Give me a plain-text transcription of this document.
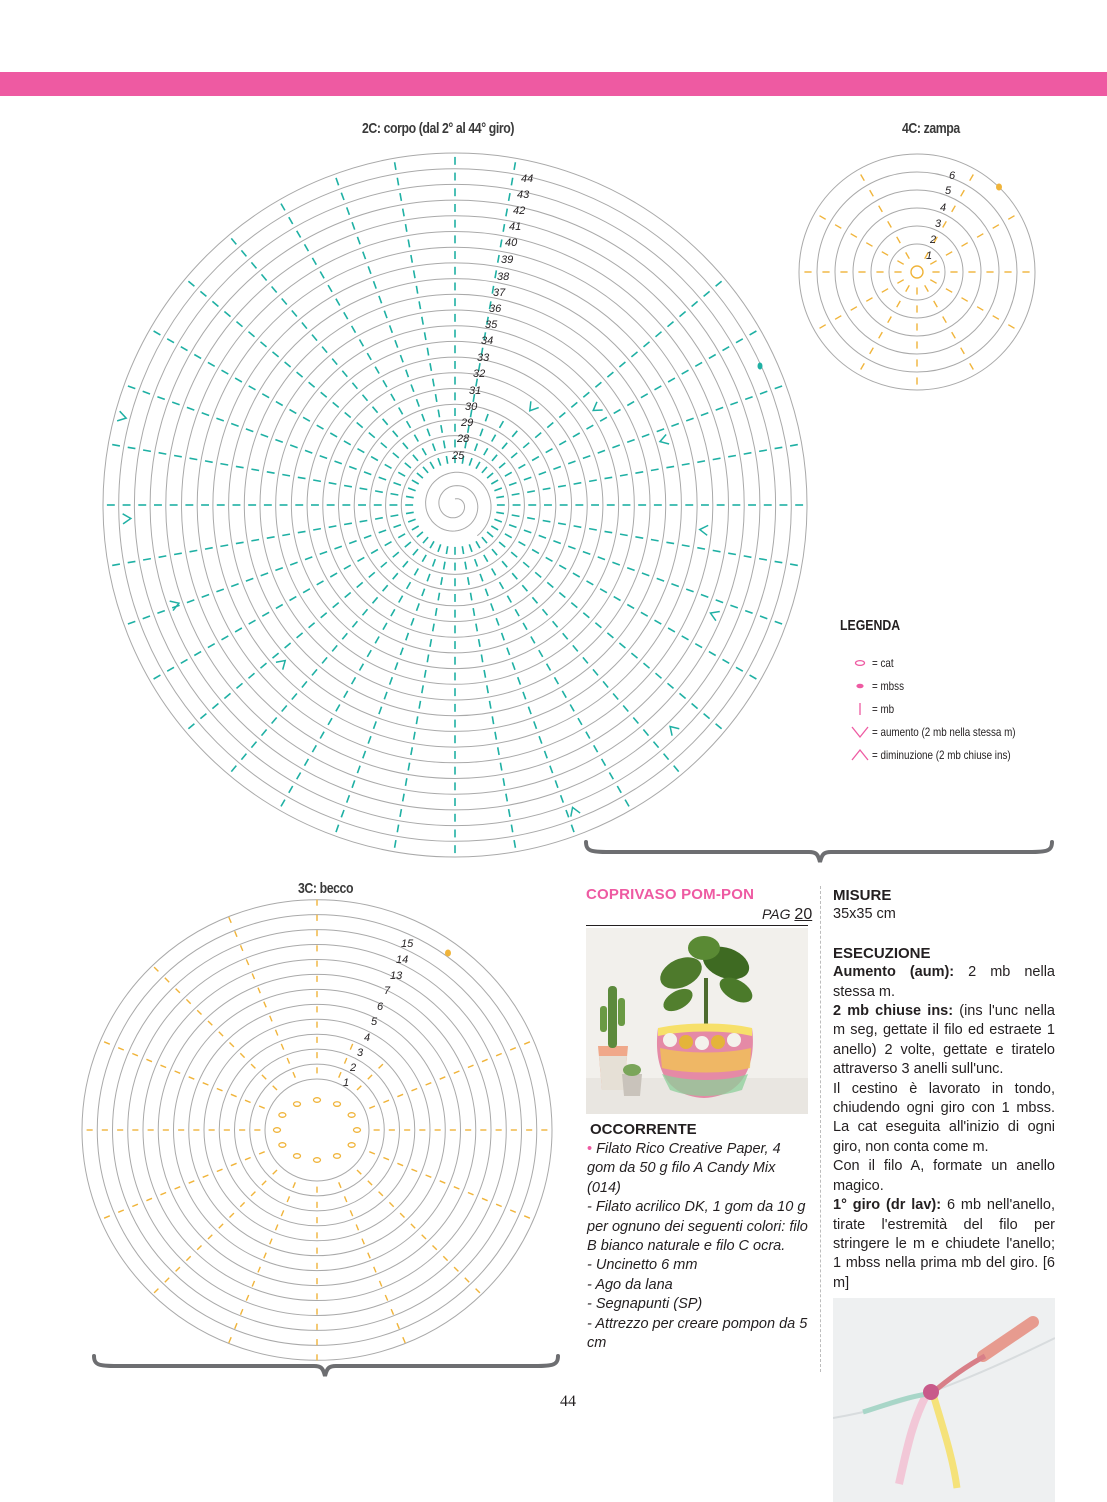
2C: corpo (dal 2° al 44° giro)	4C: zampa
3C: becco
44
43
42
41
40
39
38
37
36
35
34
33
32
31
30
29
28
25
LEGENDA
= cat
= mbss
= mb
= aumento (2 mb nella stessa m)
= diminuzione (2 mb chiuse ins)
COPRIVASO POM-PON
PAG 20
OCCORRENTE

• Filato Rico Creative Paper, 4 gom da 50 g filo A Candy Mix (014)

- Filato acrilico DK, 1 gom da 10 g per ognuno dei seguenti colori: filo B bianco naturale e filo C ocra.

- Uncinetto 6 mm

- Ago da lana

- Segnapunti (SP)

- Attrezzo per creare pompon da 5 cm

MISURE

35x35 cm

ESECUZIONE

Aumento (aum): 2 mb nella stessa m.

2 mb chiuse ins: (ins l'unc nella m seg, gettate il filo ed estraete 1 anello) 2 volte, gettate e tiratelo attraverso 3 anelli sull'unc.

Il cestino è lavorato in tondo, chiudendo ogni giro con 1 mbss. La cat eseguita all'inizio di ogni giro, non conta come m.

Con il filo A, formate un anello magico.

1° giro (dr lav): 6 mb nell'anello, tirate l'estremità del filo per stringere le m e chiudete l'anello; 1 mbss nella prima mb del giro. [6 m]

44
6
5
4
3
2
1
15
14
13
7
6
5
4
3
2
1
